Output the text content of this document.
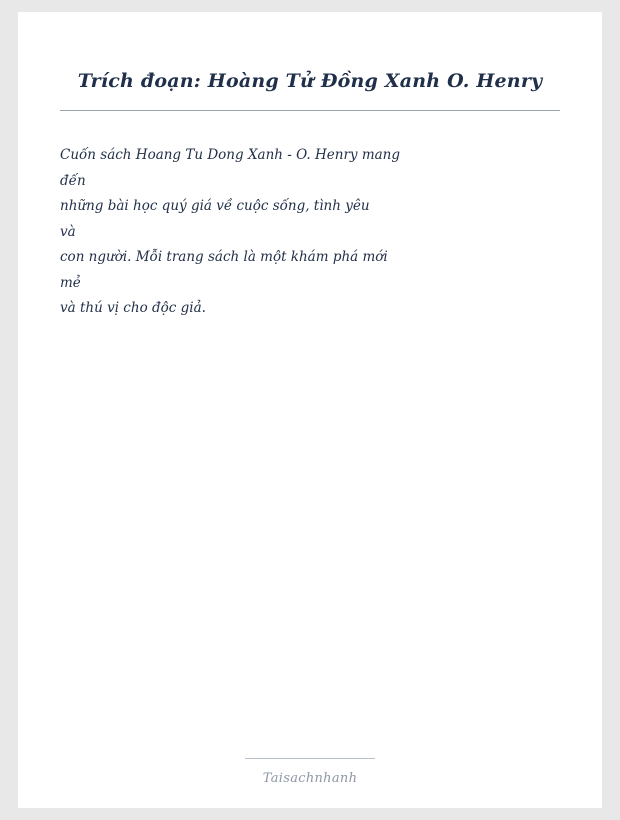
Trích đoạn: Hoàng Tử Đồng Xanh O. Henry
Cuốn sách Hoang Tu Dong Xanh - O. Henry mang
đến
những bài học quý giá về cuộc sống, tình yêu
và
con người. Mỗi trang sách là một khám phá mới
mẻ
và thú vị cho độc giả.
Taisachnhanh
